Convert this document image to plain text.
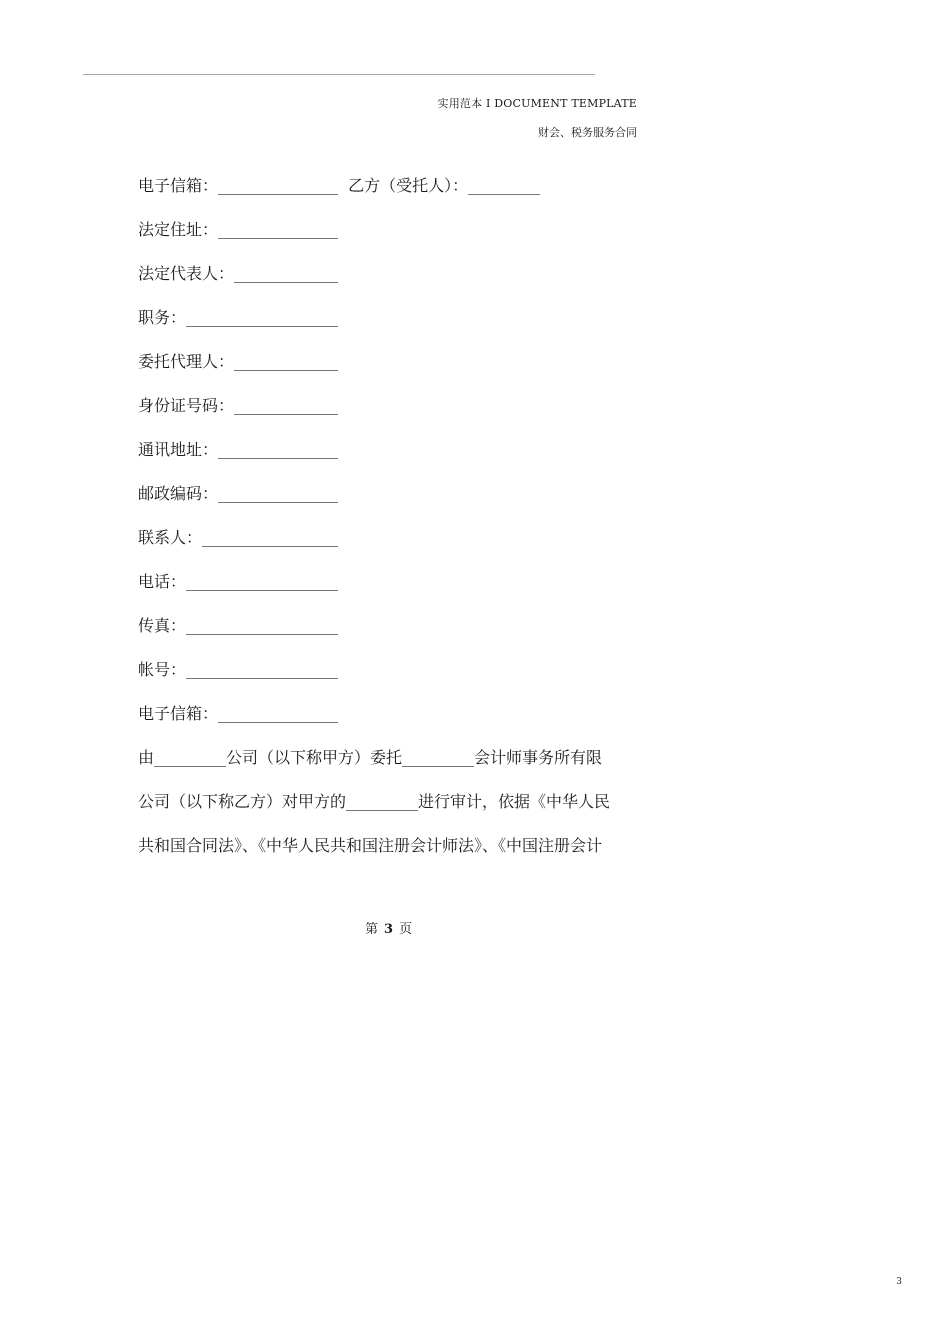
实用范本 I DOCUMENT TEMPLATE
财会、税务服务合同
电子信箱：_______________  乙方（受托人）：_________
法定住址：_______________
法定代表人：_____________
职务：___________________
委托代理人：_____________
身份证号码：_____________
通讯地址：_______________
邮政编码：_______________
联系人：_________________
电话：___________________
传真：___________________
帐号：___________________
电子信箱：_______________
由_________公司（以下称甲方）委托_________会计师事务所有限
公司（以下称乙方）对甲方的_________进行审计，依据《中华人民
共和国合同法》、《中华人民共和国注册会计师法》、《中国注册会计
第 3 页
3
